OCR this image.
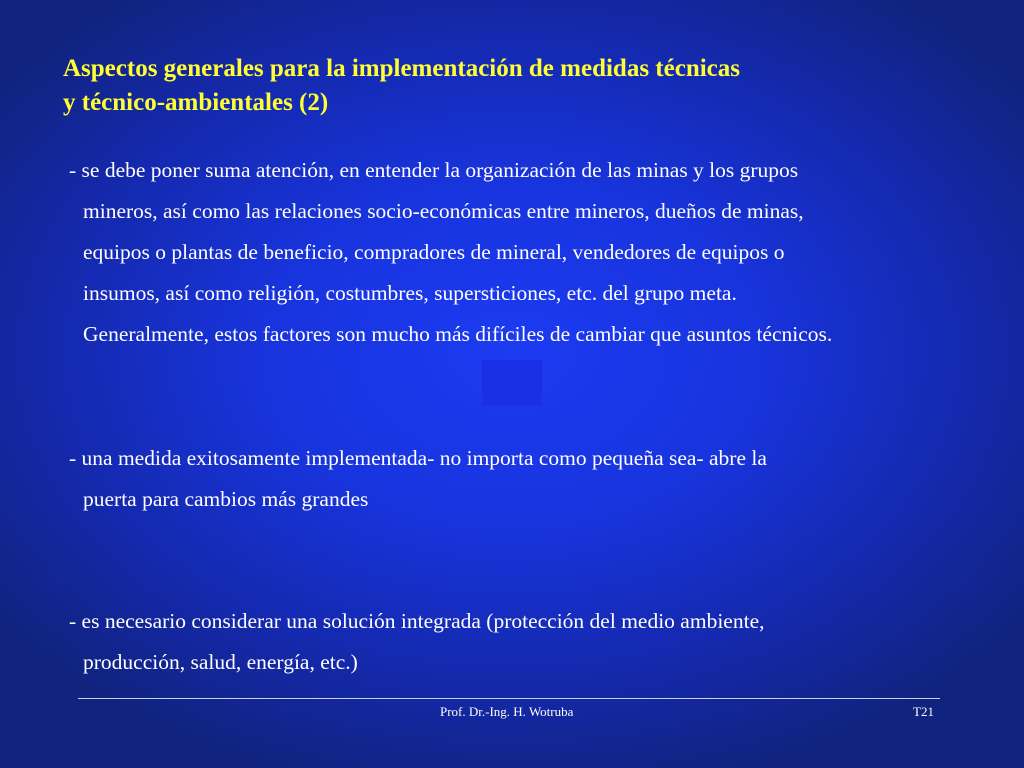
Aspectos generales para la implementación de medidas técnicas
y técnico-ambientales (2)
- se debe poner suma atención, en entender la organización de las minas y los grupos
mineros, así como las relaciones socio-económicas entre mineros, dueños de minas,
equipos o plantas de beneficio, compradores de mineral, vendedores de equipos o
insumos, así como religión, costumbres, supersticiones, etc. del grupo meta.
Generalmente, estos factores son mucho más difíciles de cambiar que asuntos técnicos.
- una medida exitosamente implementada- no importa como pequeña sea- abre la
puerta para cambios más grandes
- es necesario considerar una solución integrada (protección del medio ambiente,
producción, salud, energía, etc.)
Prof. Dr.-Ing. H. Wotruba	T21
